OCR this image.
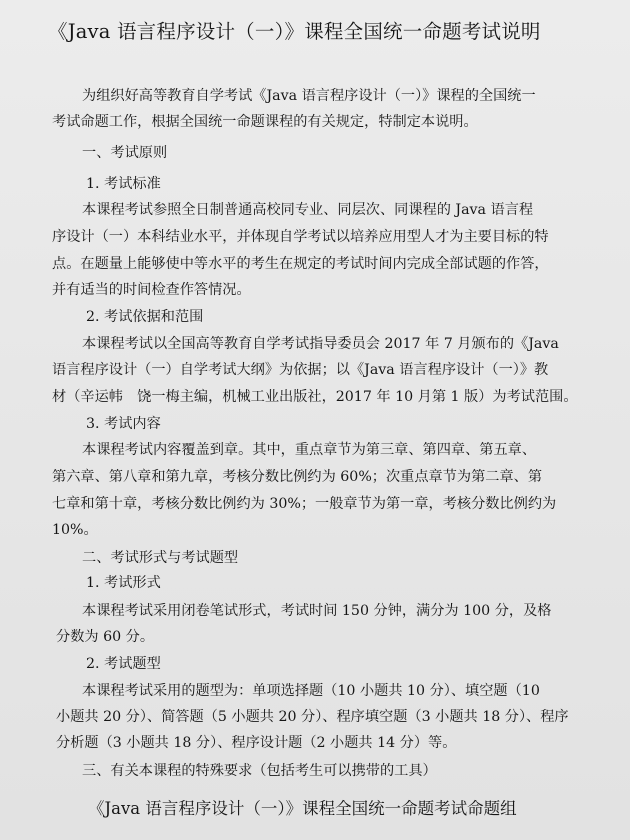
《Java 语言程序设计（一）》课程全国统一命题考试说明
为组织好高等教育自学考试《Java 语言程序设计（一）》课程的全国统一
考试命题工作，根据全国统一命题课程的有关规定，特制定本说明。
一、考试原则
1. 考试标准
本课程考试参照全日制普通高校同专业、同层次、同课程的 Java 语言程
序设计（一）本科结业水平，并体现自学考试以培养应用型人才为主要目标的特
点。在题量上能够使中等水平的考生在规定的考试时间内完成全部试题的作答，
并有适当的时间检查作答情况。
2. 考试依据和范围
本课程考试以全国高等教育自学考试指导委员会 2017 年 7 月颁布的《Java
语言程序设计（一）自学考试大纲》为依据；以《Java 语言程序设计（一）》教
材（辛运帏　饶一梅主编，机械工业出版社，2017 年 10 月第 1 版）为考试范围。
3. 考试内容
本课程考试内容覆盖到章。其中，重点章节为第三章、第四章、第五章、
第六章、第八章和第九章，考核分数比例约为 60%；次重点章节为第二章、第
七章和第十章，考核分数比例约为 30%；一般章节为第一章，考核分数比例约为
10%。
二、考试形式与考试题型
1. 考试形式
本课程考试采用闭卷笔试形式，考试时间 150 分钟，满分为 100 分，及格
分数为 60 分。
2. 考试题型
本课程考试采用的题型为：单项选择题（10 小题共 10 分）、填空题（10
小题共 20 分）、简答题（5 小题共 20 分）、程序填空题（3 小题共 18 分）、程序
分析题（3 小题共 18 分）、程序设计题（2 小题共 14 分）等。
三、有关本课程的特殊要求（包括考生可以携带的工具）
《Java 语言程序设计（一）》课程全国统一命题考试命题组
